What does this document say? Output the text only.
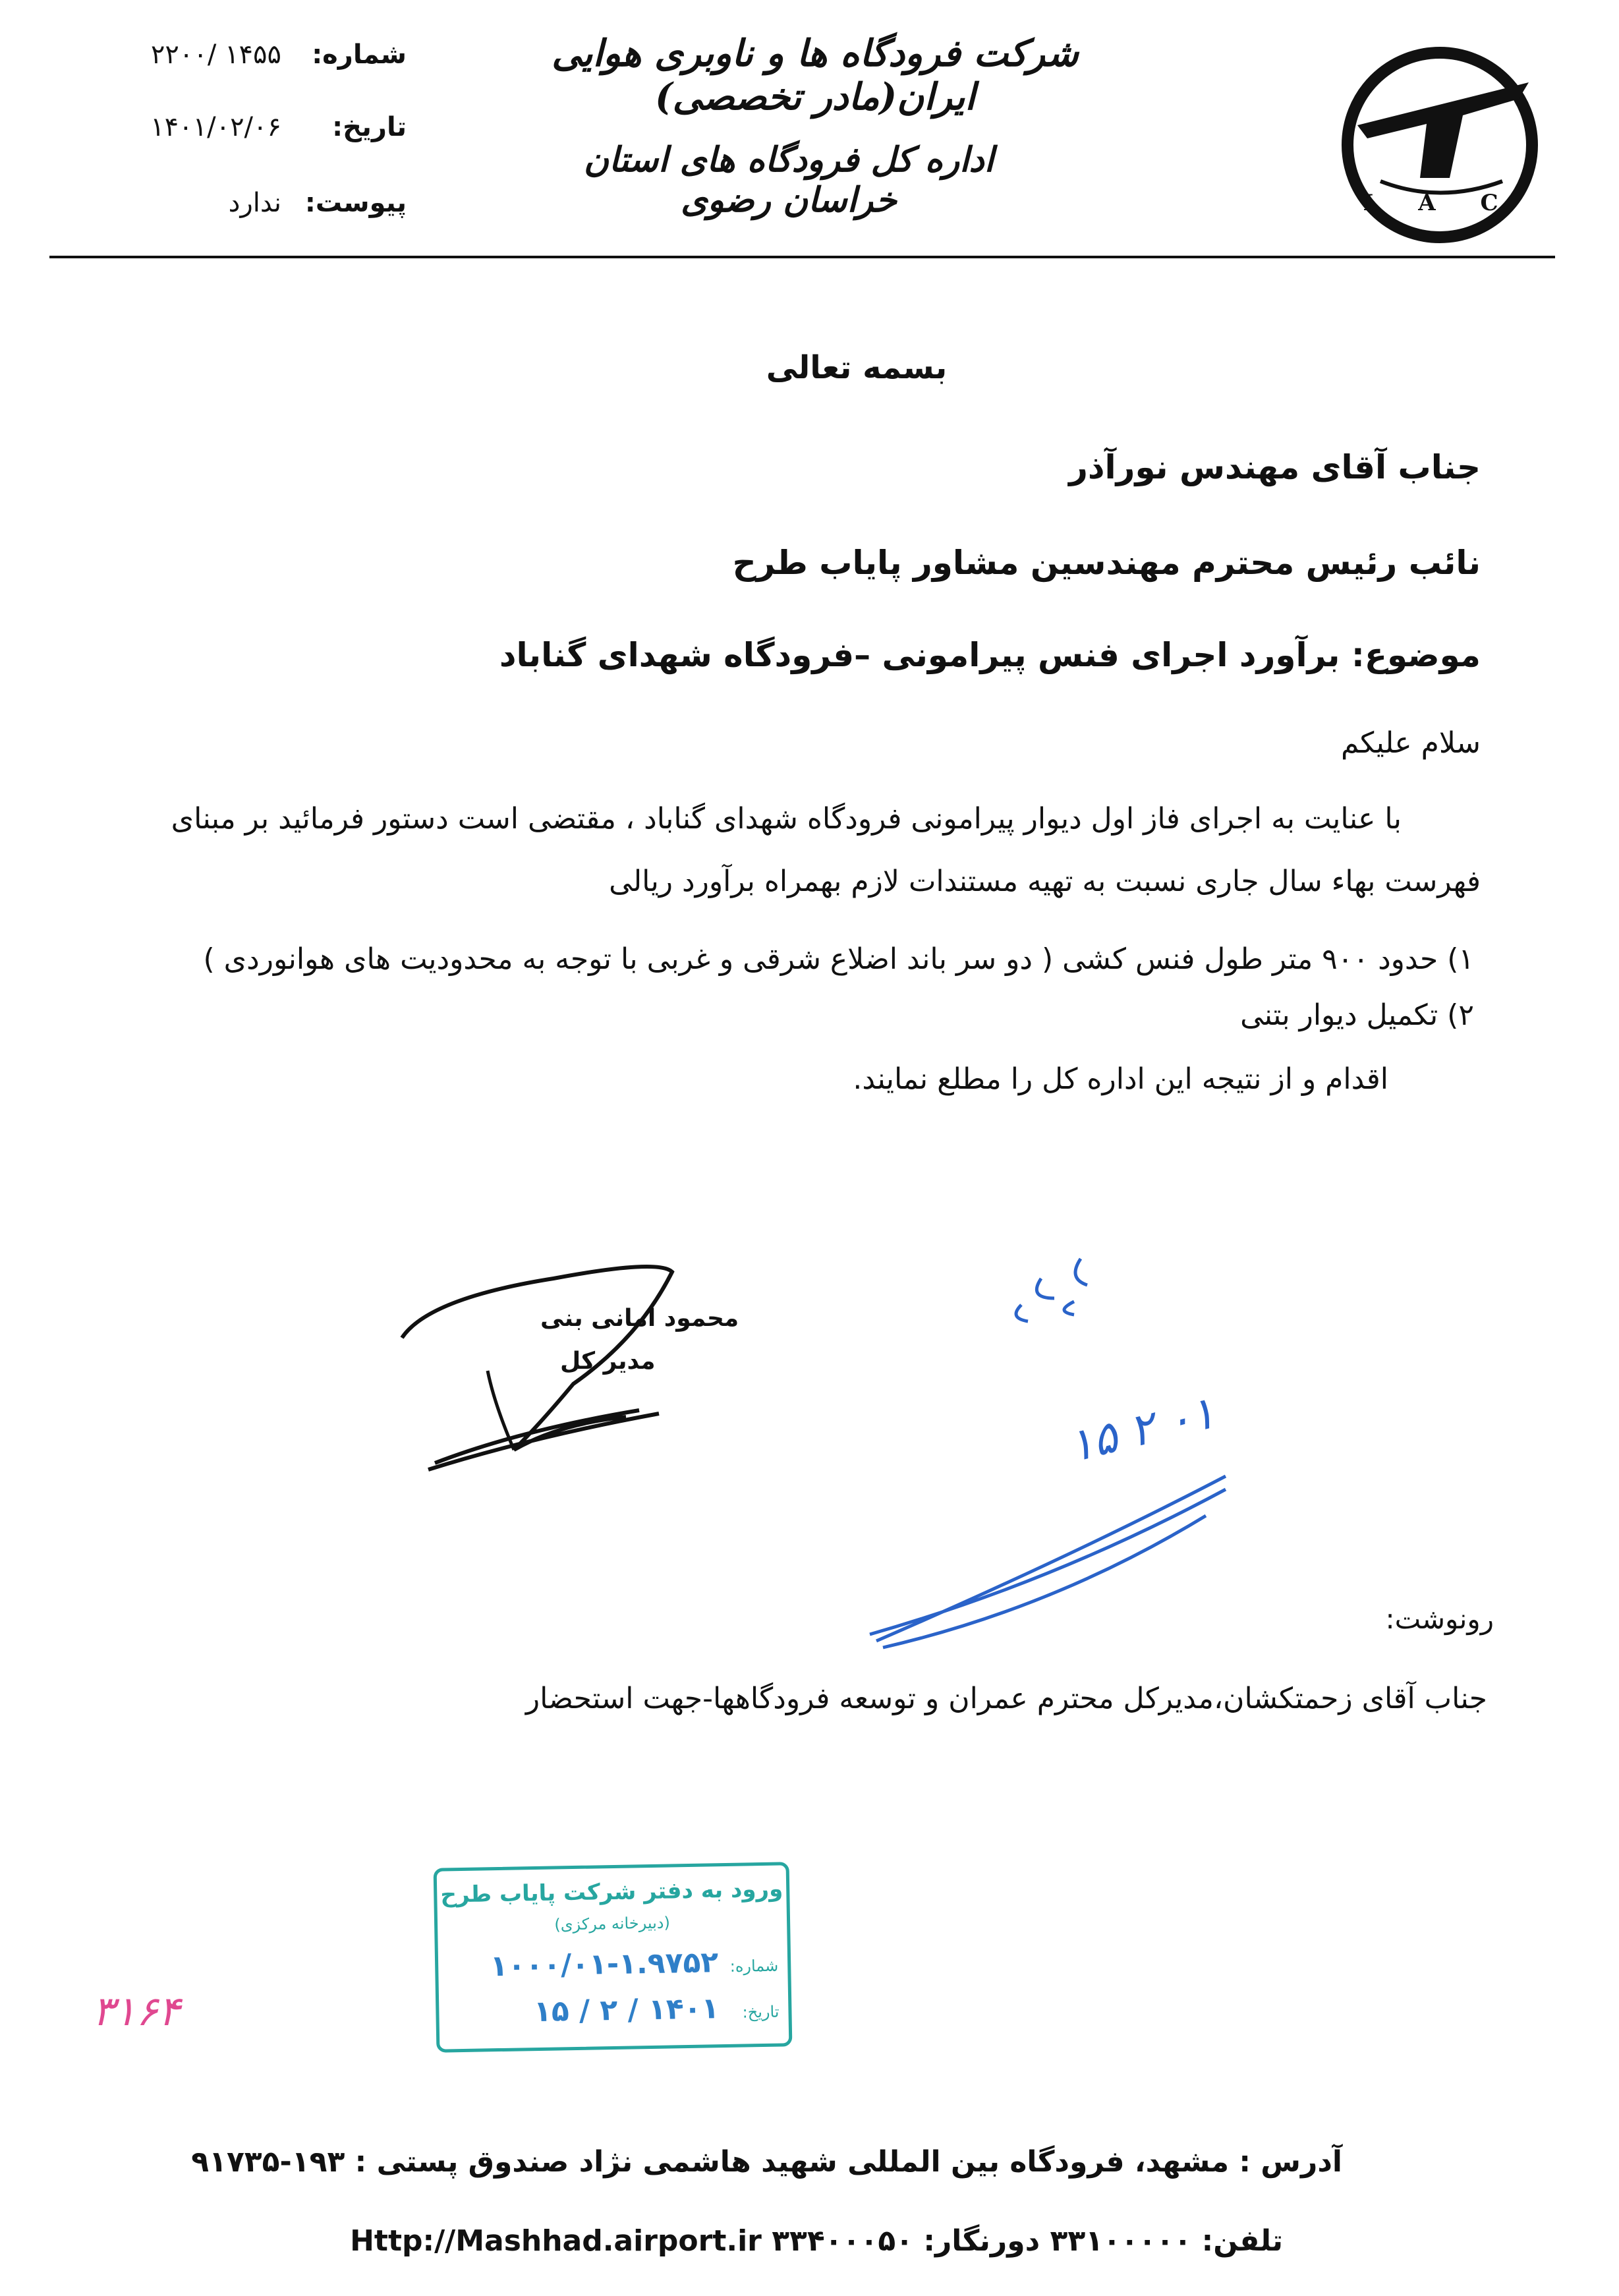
I A C
شرکت فرودگاه ها و ناوبری هوایی ایران(مادر تخصصی)
اداره کل فرودگاه های استان خراسان رضوی
شماره:
۱۴۵۵ /۲۲۰۰
تاریخ:
۱۴۰۱/۰۲/۰۶
پیوست:
ندارد
بسمه تعالی
جناب آقای مهندس نورآذر
نائب رئیس محترم مهندسین مشاور پایاب طرح
موضوع: برآورد اجرای فنس پیرامونی –فرودگاه شهدای گناباد
سلام علیکم
با عنایت به اجرای فاز اول دیوار پیرامونی فرودگاه شهدای گناباد ، مقتضی است دستور فرمائید بر مبنای
فهرست بهاء سال جاری نسبت به تهیه مستندات لازم بهمراه برآورد ریالی
۱) حدود ۹۰۰ متر طول فنس کشی ( دو سر باند اضلاع شرقی و غربی با توجه به محدودیت های هوانوردی )
۲) تکمیل دیوار بتنی
اقدام و از نتیجه این اداره کل را مطلع نمایند.
محمود امانی بنی
مدیر کل
۱۵ ۲ ۰۱
رونوشت:
جناب آقای زحمتکشان،مدیرکل محترم عمران و توسعه فرودگاهها-جهت استحضار
ورود به دفتر شرکت پایاب طرح
(دبیرخانه مرکزی)
شماره:
۱۰۰۰/۰۱-۱.۹۷۵۲
تاریخ:
۱۴۰۱ / ۲ / ۱۵
۳۱۶۴
آدرس : مشهد، فرودگاه بین المللی شهید هاشمی نژاد صندوق پستی : ۱۹۳-۹۱۷۳۵
تلفن: ۳۳۱۰۰۰۰۰ دورنگار: ۳۳۴۰۰۰۵۰ Http://Mashhad.airport.ir
